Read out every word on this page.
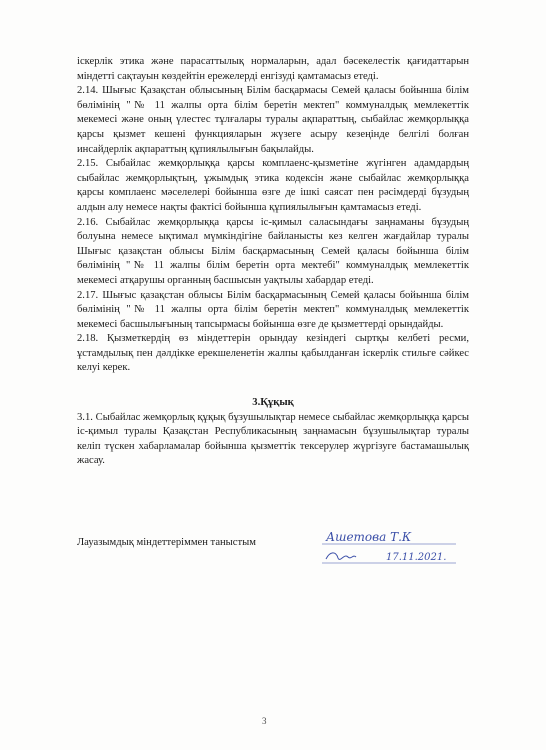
іскерлік этика және парасаттылық нормаларын, адал бәсекелестік қағидаттарын міндетті сақтауын көздейтін ережелерді енгізуді қамтамасыз етеді.

2.14. Шығыс Қазақстан облысының Білім басқармасы Семей қаласы бойынша білім бөлімінің "№ 11 жалпы орта білім беретін мектеп" коммуналдық мемлекеттік мекемесі және оның үлестес тұлғалары туралы ақпараттың, сыбайлас жемқорлыққа қарсы қызмет кешені функцияларын жүзеге асыру кезеңінде белгілі болған инсайдерлік ақпараттың құпиялылығын бақылайды.

2.15. Сыбайлас жемқорлыққа қарсы комплаенс-қызметіне жүгінген адамдардың сыбайлас жемқорлықтың, ұжымдық этика кодексін және сыбайлас жемқорлыққа қарсы комплаенс мәселелері бойынша өзге де ішкі саясат пен рәсімдерді бұзудың алдын алу немесе нақты фактісі бойынша құпиялылығын қамтамасыз етеді.

2.16. Сыбайлас жемқорлыққа қарсы іс-қимыл саласындағы заңнаманы бұзудың болуына немесе ықтимал мүмкіндігіне байланысты кез келген жағдайлар туралы Шығыс қазақстан облысы Білім басқармасының Семей қаласы бойынша білім бөлімінің "№ 11 жалпы білім беретін орта мектебі" коммуналдық мемлекеттік мекемесі атқарушы органның басшысын уақтылы хабардар етеді.

2.17. Шығыс қазақстан облысы Білім басқармасының Семей қаласы бойынша білім бөлімінің "№ 11 жалпы орта білім беретін мектеп" коммуналдық мемлекеттік мекемесі басшылығының тапсырмасы бойынша өзге де қызметтерді орындайды.

2.18. Қызметкердің өз міндеттерін орындау кезіндегі сыртқы келбеті ресми, ұстамдылық пен дәлдікке ерекшеленетін жалпы қабылданған іскерлік стильге сәйкес келуі керек.

3.Құқық

3.1. Сыбайлас жемқорлық құқық бұзушылықтар немесе сыбайлас жемқорлыққа қарсы іс-қимыл туралы Қазақстан Республикасының заңнамасын бұзушылықтар туралы келіп түскен хабарламалар бойынша қызметтік тексерулер жүргізуге бастамашылық жасау.

Лауазымдық міндеттеріммен таныстым	Ашетова Т.К
17.11.2021.
3
